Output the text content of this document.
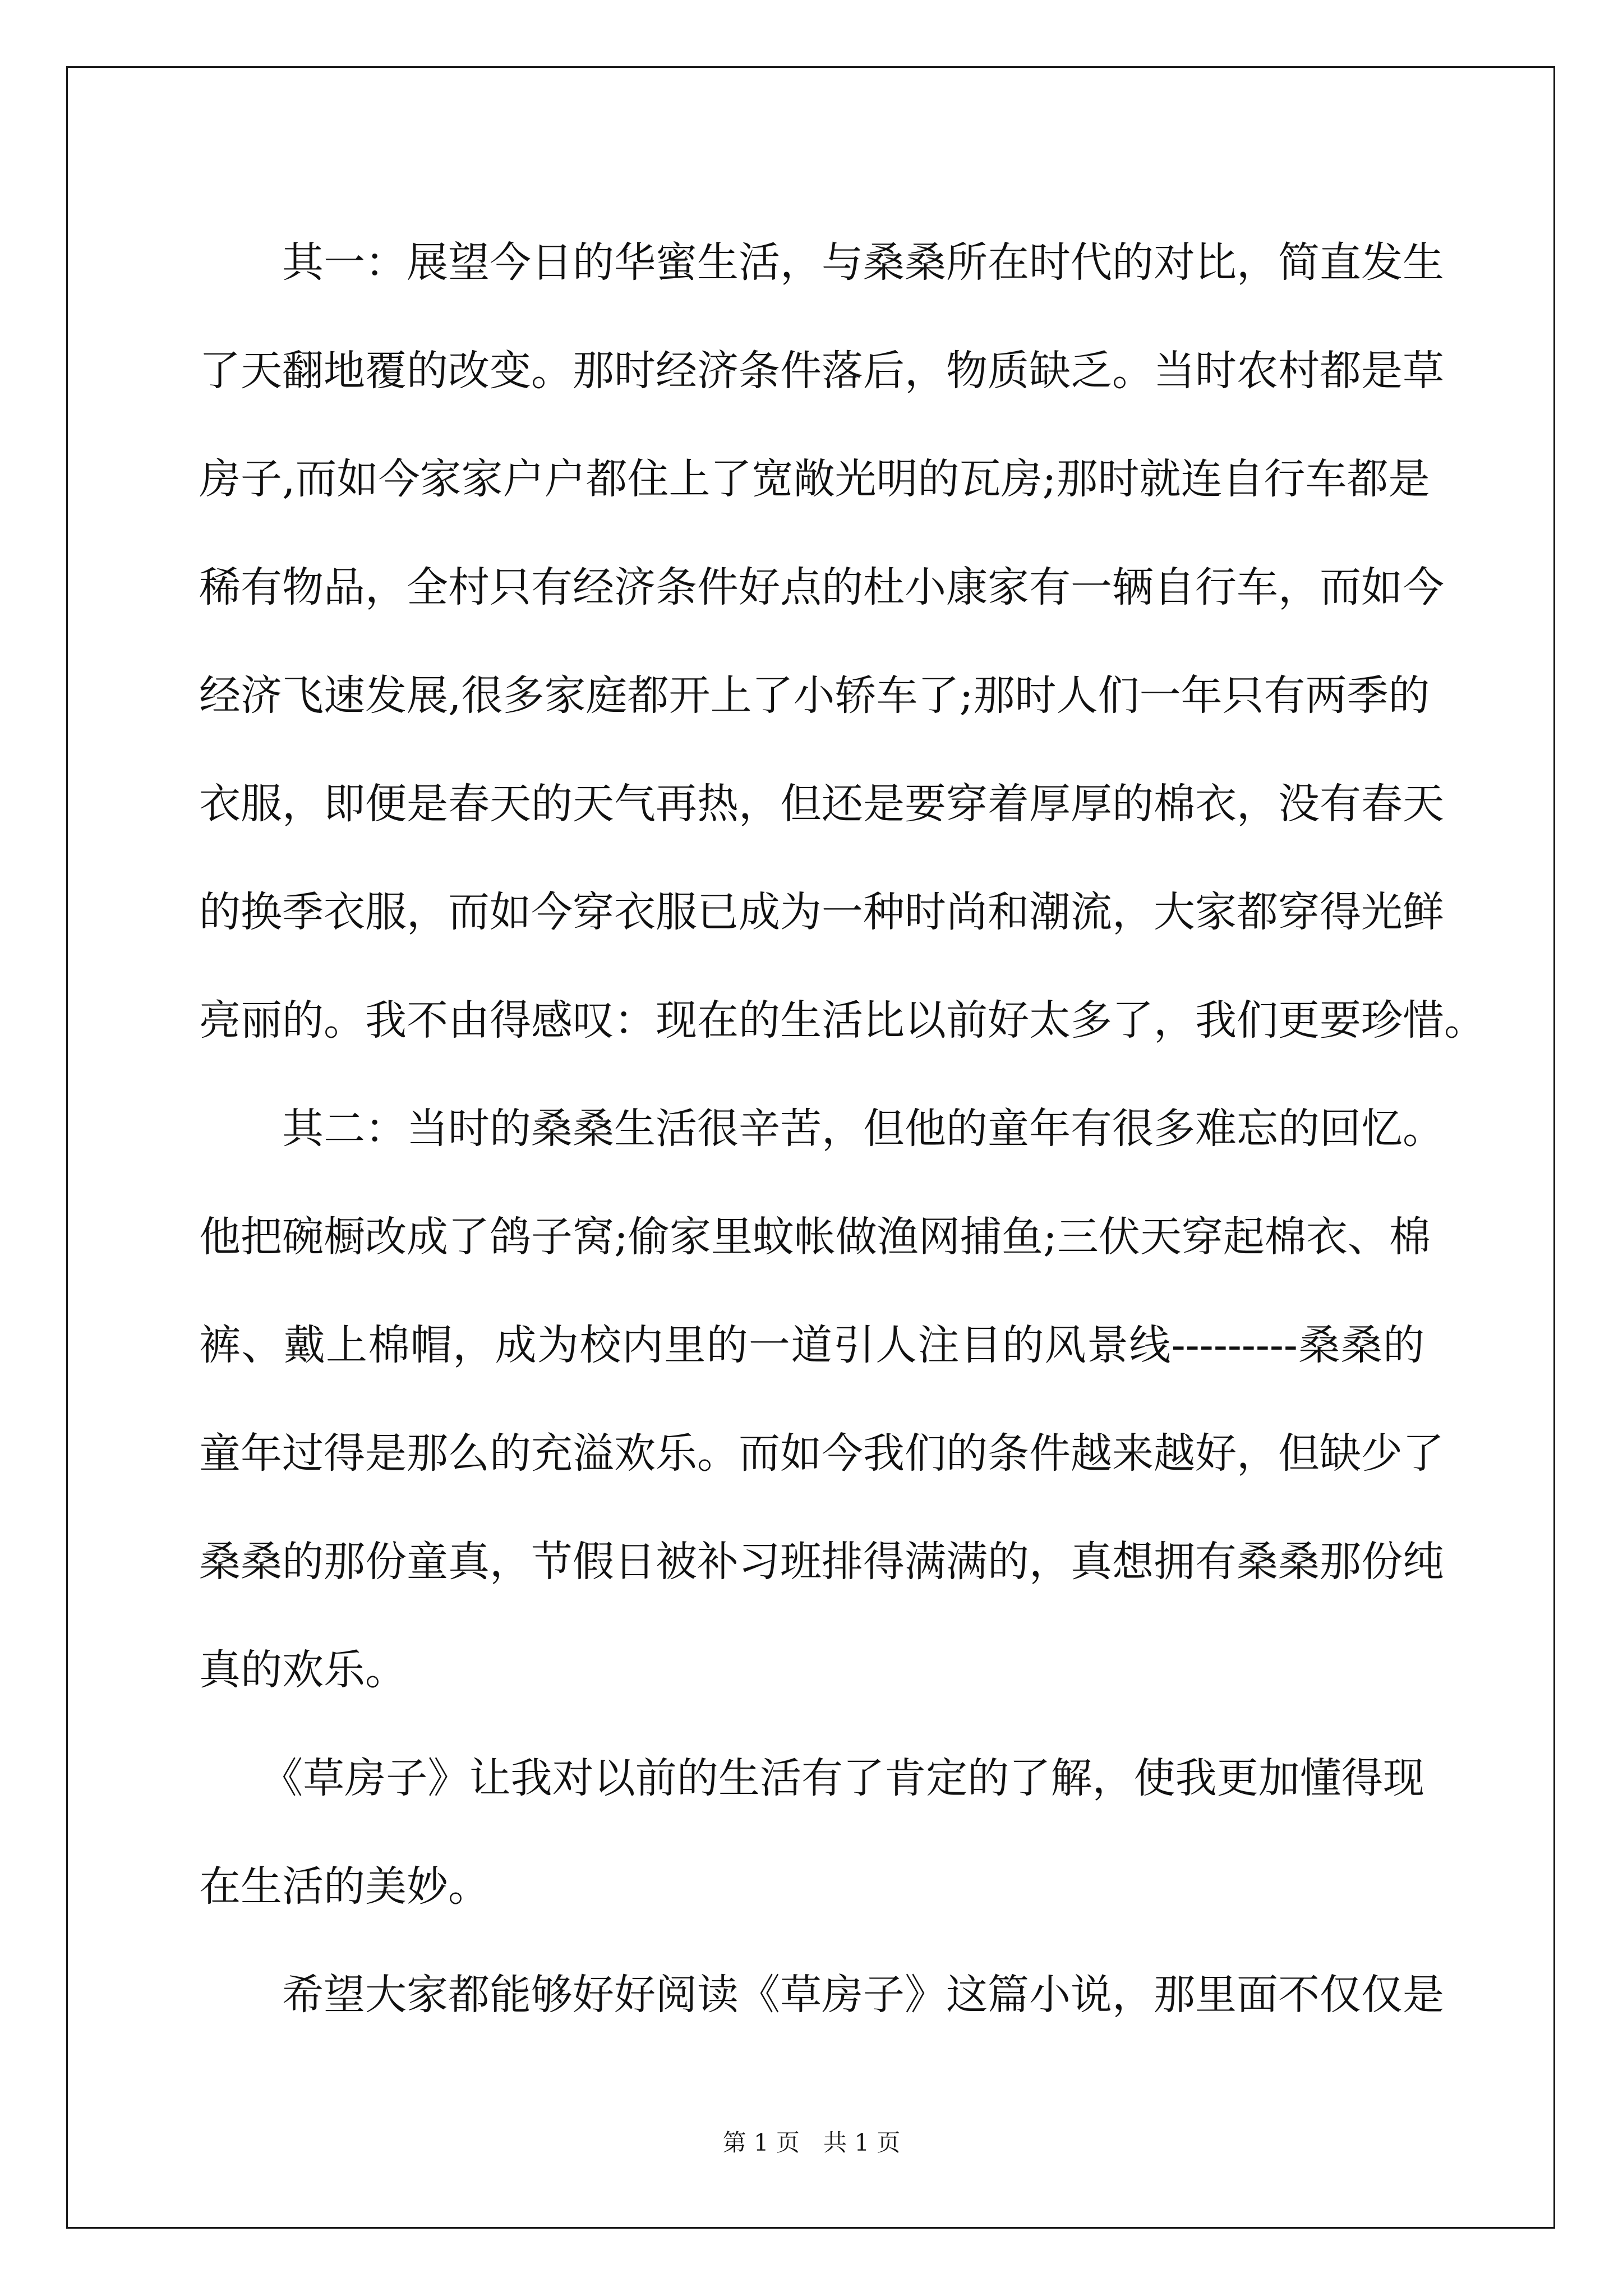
　　其一：展望今日的华蜜生活，与桑桑所在时代的对比，简直发生
了天翻地覆的改变。那时经济条件落后，物质缺乏。当时农村都是草
房子,而如今家家户户都住上了宽敞光明的瓦房;那时就连自行车都是
稀有物品，全村只有经济条件好点的杜小康家有一辆自行车，而如今
经济飞速发展,很多家庭都开上了小轿车了;那时人们一年只有两季的
衣服，即便是春天的天气再热，但还是要穿着厚厚的棉衣，没有春天
的换季衣服，而如今穿衣服已成为一种时尚和潮流，大家都穿得光鲜
亮丽的。我不由得感叹：现在的生活比以前好太多了，我们更要珍惜。
　　其二：当时的桑桑生活很辛苦，但他的童年有很多难忘的回忆。
他把碗橱改成了鸽子窝;偷家里蚊帐做渔网捕鱼;三伏天穿起棉衣、棉
裤、戴上棉帽，成为校内里的一道引人注目的风景线---------桑桑的
童年过得是那么的充溢欢乐。而如今我们的条件越来越好，但缺少了
桑桑的那份童真，节假日被补习班排得满满的，真想拥有桑桑那份纯
真的欢乐。
　　《草房子》让我对以前的生活有了肯定的了解，使我更加懂得现
在生活的美妙。
　　希望大家都能够好好阅读《草房子》这篇小说，那里面不仅仅是
第 1 页　共 1 页
